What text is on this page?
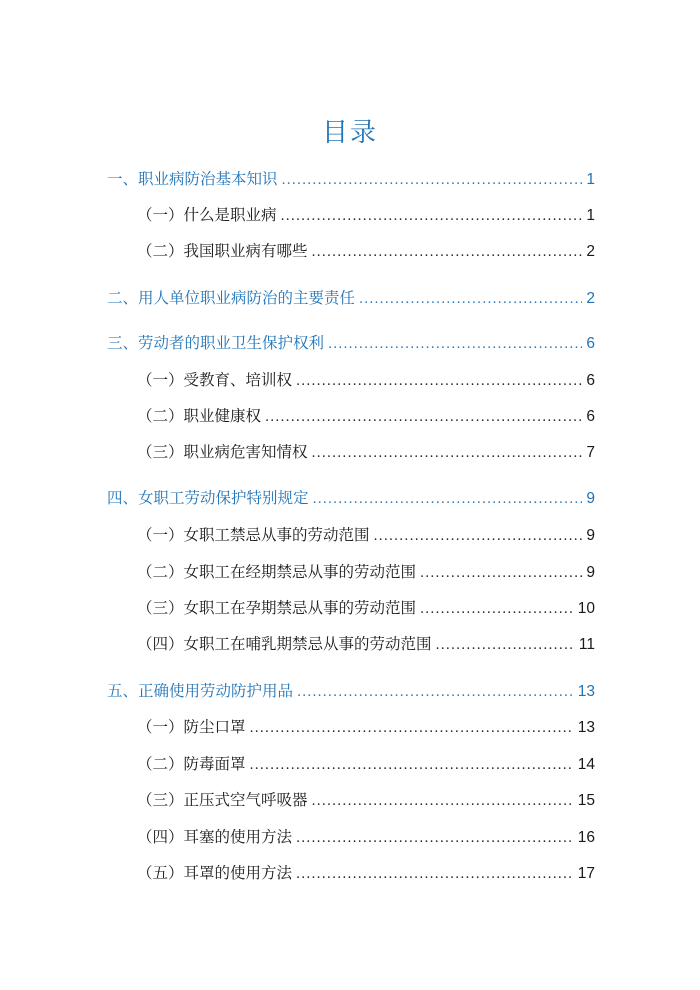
目录
一、职业病防治基本知识 .....	1
（一）什么是职业病 .....	1
（二）我国职业病有哪些 .....	2
二、用人单位职业病防治的主要责任 .....	2
三、劳动者的职业卫生保护权利 .....	6
（一）受教育、培训权 .....	6
（二）职业健康权 .....	6
（三）职业病危害知情权 .....	7
四、女职工劳动保护特别规定 .....	9
（一）女职工禁忌从事的劳动范围 .....	9
（二）女职工在经期禁忌从事的劳动范围 .....	9
（三）女职工在孕期禁忌从事的劳动范围 .....	10
（四）女职工在哺乳期禁忌从事的劳动范围 .....	11
五、正确使用劳动防护用品 .....	13
（一）防尘口罩 .....	13
（二）防毒面罩 .....	14
（三）正压式空气呼吸器 .....	15
（四）耳塞的使用方法 .....	16
（五）耳罩的使用方法 .....	17
